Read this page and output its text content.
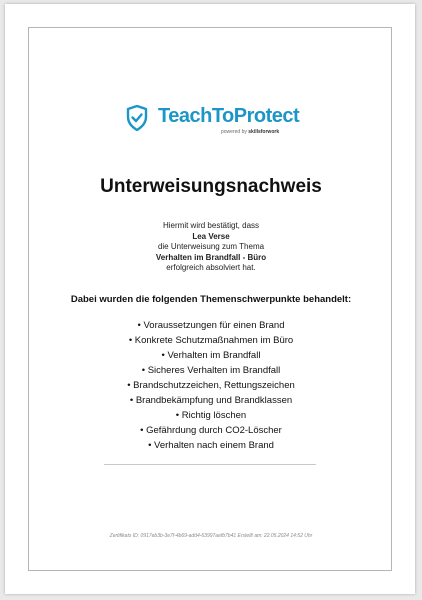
TeachToProtect
powered by skillsforwork
Unterweisungsnachweis
Hiermit wird bestätigt, dass
Lea Verse
die Unterweisung zum Thema
Verhalten im Brandfall - Büro
erfolgreich absolviert hat.
Dabei wurden die folgenden Themenschwerpunkte behandelt:
• Voraussetzungen für einen Brand
• Konkrete Schutzmaßnahmen im Büro
• Verhalten im Brandfall
• Sicheres Verhalten im Brandfall
• Brandschutzzeichen, Rettungszeichen
• Brandbekämpfung und Brandklassen
• Richtig löschen
• Gefährdung durch CO2-Löscher
• Verhalten nach einem Brand
Zertifikats ID: 0917eb3b-3e7f-4b69-add4-63997aefb7b41 Erstellt am: 22.05.2024 14:52 Uhr
